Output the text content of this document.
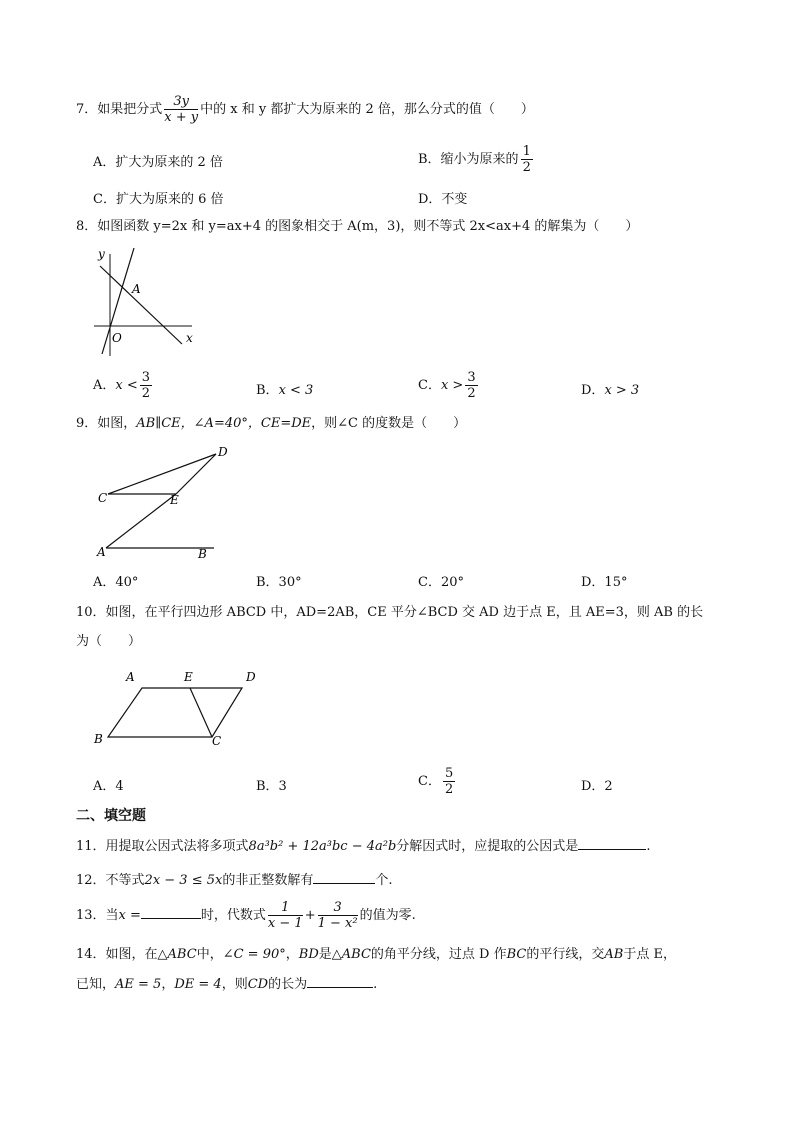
7．如果把分式 $\frac{3y}{x + y}$ 中的 x 和 y 都扩大为原来的 2 倍，那么分式的值（　　）
A．扩大为原来的 2 倍	B．缩小为原来的 $\frac{1}{2}$
C．扩大为原来的 6 倍	D．不变
8．如图函数 y=2x 和 y=ax+4 的图象相交于 A(m，3)，则不等式 2x<ax+4 的解集为（　　）
y
x
O
A
A．$x < \frac{3}{2}$	B．x < 3	C．$x > \frac{3}{2}$	D．x > 3
9．如图，AB∥CE，∠A=40°，CE=DE，则∠C 的度数是（　　）
A	B
C
D
E
A．40°	B．30°	C．20°	D．15°
10．如图，在平行四边形 ABCD 中，AD=2AB，CE 平分∠BCD 交 AD 边于点 E，且 AE=3，则 AB 的长
为（　　）
A	E	D
B	C
A．4	B．3	C． $\frac{5}{2}$	D．2
二、填空题
11．用提取公因式法将多项式8a³b² + 12a³bc − 4a²b分解因式时，应提取的公因式是	.
12．不等式2x − 3 ≤ 5x的非正整数解有	个.
13．当x =	时，代数式 $\frac{1}{x - 1} + \frac{3}{\text{1 − x²}}$ 的值为零.
14．如图，在△ABC中，∠C = 90°，BD是△ABC的角平分线，过点 D 作BC的平行线，交AB于点 E，
已知，AE = 5，DE = 4，则CD的长为	.
